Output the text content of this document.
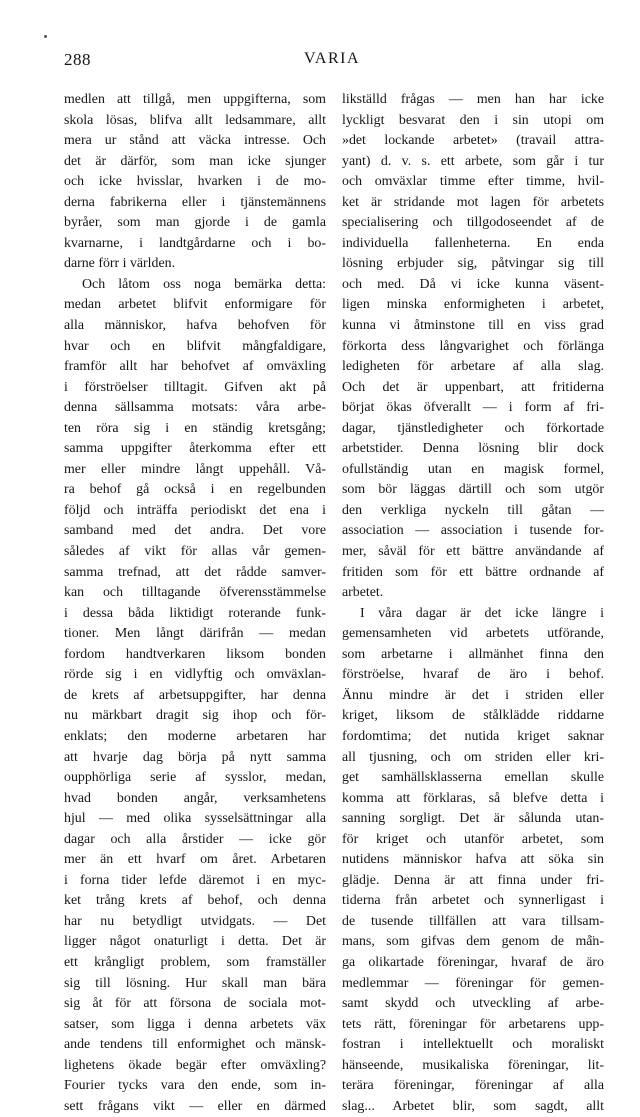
288	VARIA
medlen att tillgå, men uppgifterna, som
skola lösas, blifva allt ledsammare, allt
mera ur stånd att väcka intresse. Och
det är därför, som man icke sjunger
och icke hvisslar, hvarken i de mo-
derna fabrikerna eller i tjänstemännens
byråer, som man gjorde i de gamla
kvarnarne, i landtgårdarne och i bo-
darne förr i världen.
Och låtom oss noga bemärka detta:
medan arbetet blifvit enformigare för
alla människor, hafva behofven för
hvar och en blifvit mångfaldigare,
framför allt har behofvet af omväxling
i förströelser tilltagit. Gifven akt på
denna sällsamma motsats: våra arbe-
ten röra sig i en ständig kretsgång;
samma uppgifter återkomma efter ett
mer eller mindre långt uppehåll. Vå-
ra behof gå också i en regelbunden
följd och inträffa periodiskt det ena i
samband med det andra. Det vore
således af vikt för allas vår gemen-
samma trefnad, att det rådde samver-
kan och tilltagande öfverensstämmelse
i dessa båda liktidigt roterande funk-
tioner. Men långt därifrån — medan
fordom handtverkaren liksom bonden
rörde sig i en vidlyftig och omväxlan-
de krets af arbetsuppgifter, har denna
nu märkbart dragit sig ihop och för-
enklats; den moderne arbetaren har
att hvarje dag börja på nytt samma
oupphörliga serie af sysslor, medan,
hvad bonden angår, verksamhetens
hjul — med olika sysselsättningar alla
dagar och alla årstider — icke gör
mer än ett hvarf om året. Arbetaren
i forna tider lefde däremot i en myc-
ket trång krets af behof, och denna
har nu betydligt utvidgats. — Det
ligger något onaturligt i detta. Det är
ett krångligt problem, som framställer
sig till lösning. Hur skall man bära
sig åt för att försona de sociala mot-
satser, som ligga i denna arbetets väx
ande tendens till enformighet och mänsk-
lighetens ökade begär efter omväxling?
Fourier tycks vara den ende, som in-
sett frågans vikt — eller en därmed
likställd frågas — men han har icke
lyckligt besvarat den i sin utopi om
»det lockande arbetet» (travail attra-
yant) d. v. s. ett arbete, som går i tur
och omväxlar timme efter timme, hvil-
ket är stridande mot lagen för arbetets
specialisering och tillgodoseendet af de
individuella fallenheterna. En enda
lösning erbjuder sig, påtvingar sig till
och med. Då vi icke kunna väsent-
ligen minska enformigheten i arbetet,
kunna vi åtminstone till en viss grad
förkorta dess långvarighet och förlänga
ledigheten för arbetare af alla slag.
Och det är uppenbart, att fritiderna
börjat ökas öfverallt — i form af fri-
dagar, tjänstledigheter och förkortade
arbetstider. Denna lösning blir dock
ofullständig utan en magisk formel,
som bör läggas därtill och som utgör
den verkliga nyckeln till gåtan —
association — association i tusende for-
mer, såväl för ett bättre användande af
fritiden som för ett bättre ordnande af
arbetet.
I våra dagar är det icke längre i
gemensamheten vid arbetets utförande,
som arbetarne i allmänhet finna den
förströelse, hvaraf de äro i behof.
Ännu mindre är det i striden eller
kriget, liksom de stålklädde riddarne
fordomtima; det nutida kriget saknar
all tjusning, och om striden eller kri-
get samhällsklasserna emellan skulle
komma att förklaras, så blefve detta i
sanning sorgligt. Det är sålunda utan-
för kriget och utanför arbetet, som
nutidens människor hafva att söka sin
glädje. Denna är att finna under fri-
tiderna från arbetet och synnerligast i
de tusende tillfällen att vara tillsam-
mans, som gifvas dem genom de må̈n-
ga olikartade föreningar, hvaraf de äro
medlemmar — föreningar för gemen-
samt skydd och utveckling af arbe-
tets rätt, föreningar för arbetarens upp-
fostran i intellektuellt och moraliskt
hänseende, musikaliska föreningar, lit-
terära föreningar, föreningar af alla
slag... Arbetet blir, som sagdt, allt
